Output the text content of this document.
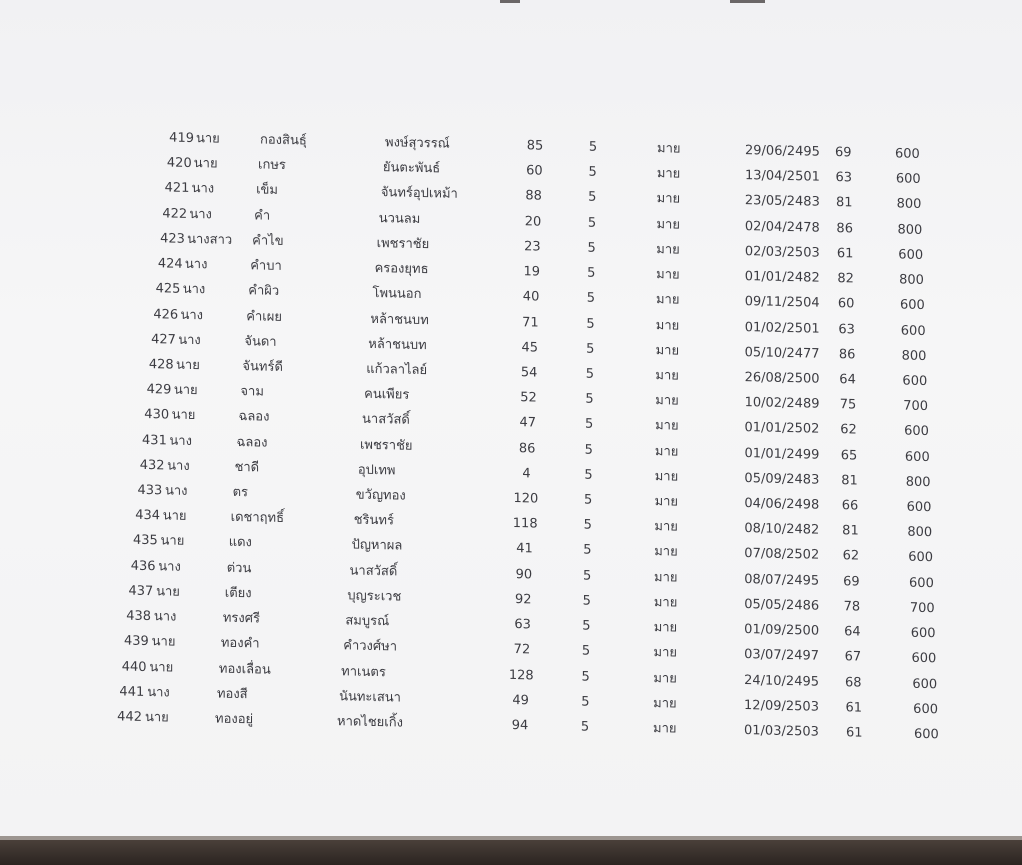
419 นาย	กองสินธุ์	พงษ์สุวรรณ์	85	5	มาย	29/06/2495 69	600
420 นาย	เกษร	ยันตะพันธ์	60	5	มาย	13/04/2501 63	600
421 นาง	เข็ม	จันทร์อุปเหม้า	88	5	มาย	23/05/2483 81	800
422 นาง	คำ	นวนลม	20	5	มาย	02/04/2478 86	800
423 นางสาว คำไข	เพชราชัย	23	5	มาย	02/03/2503 61	600
424 นาง	คำบา	ครองยุทธ	19	5	มาย	01/01/2482 82	800
425 นาง	คำผิว	โพนนอก	40	5	มาย	09/11/2504 60	600
426 นาง	คำเผย	หล้าชนบท	71	5	มาย	01/02/2501 63	600
427 นาง	จันดา	หล้าชนบท	45	5	มาย	05/10/2477 86	800
428 นาย	จันทร์ดี	แก้วลาไลย์	54	5	มาย	26/08/2500 64	600
429 นาย	จาม	คนเพียร	52	5	มาย	10/02/2489 75	700
430 นาย	ฉลอง	นาสวัสดิ์	47	5	มาย	01/01/2502 62	600
431 นาง	ฉลอง	เพชราชัย	86	5	มาย	01/01/2499 65	600
432 นาง	ชาดี	อุปเทพ	4	5	มาย	05/09/2483 81	800
433 นาง	ตร	ขวัญทอง	120	5	มาย	04/06/2498 66	600
434 นาย	เดชาฤทธิ์	ชรินทร์	118	5	มาย	08/10/2482 81	800
435 นาย	แดง	ปัญหาผล	41	5	มาย	07/08/2502 62	600
436 นาง	ต่วน	นาสวัสดิ์	90	5	มาย	08/07/2495 69	600
437 นาย	เตียง	บุญระเวช	92	5	มาย	05/05/2486 78	700
438 นาง	ทรงศรี	สมบูรณ์	63	5	มาย	01/09/2500 64	600
439 นาย	ทองคำ	คำวงศ์ษา	72	5	มาย	03/07/2497 67	600
440 นาย	ทองเลื่อน	ทาเนตร	128	5	มาย	24/10/2495 68	600
441 นาง	ทองสี	นันทะเสนา	49	5	มาย	12/09/2503 61	600
442 นาย	ทองอยู่	หาดไชยเกิ้ง	94	5	มาย	01/03/2503 61	600
